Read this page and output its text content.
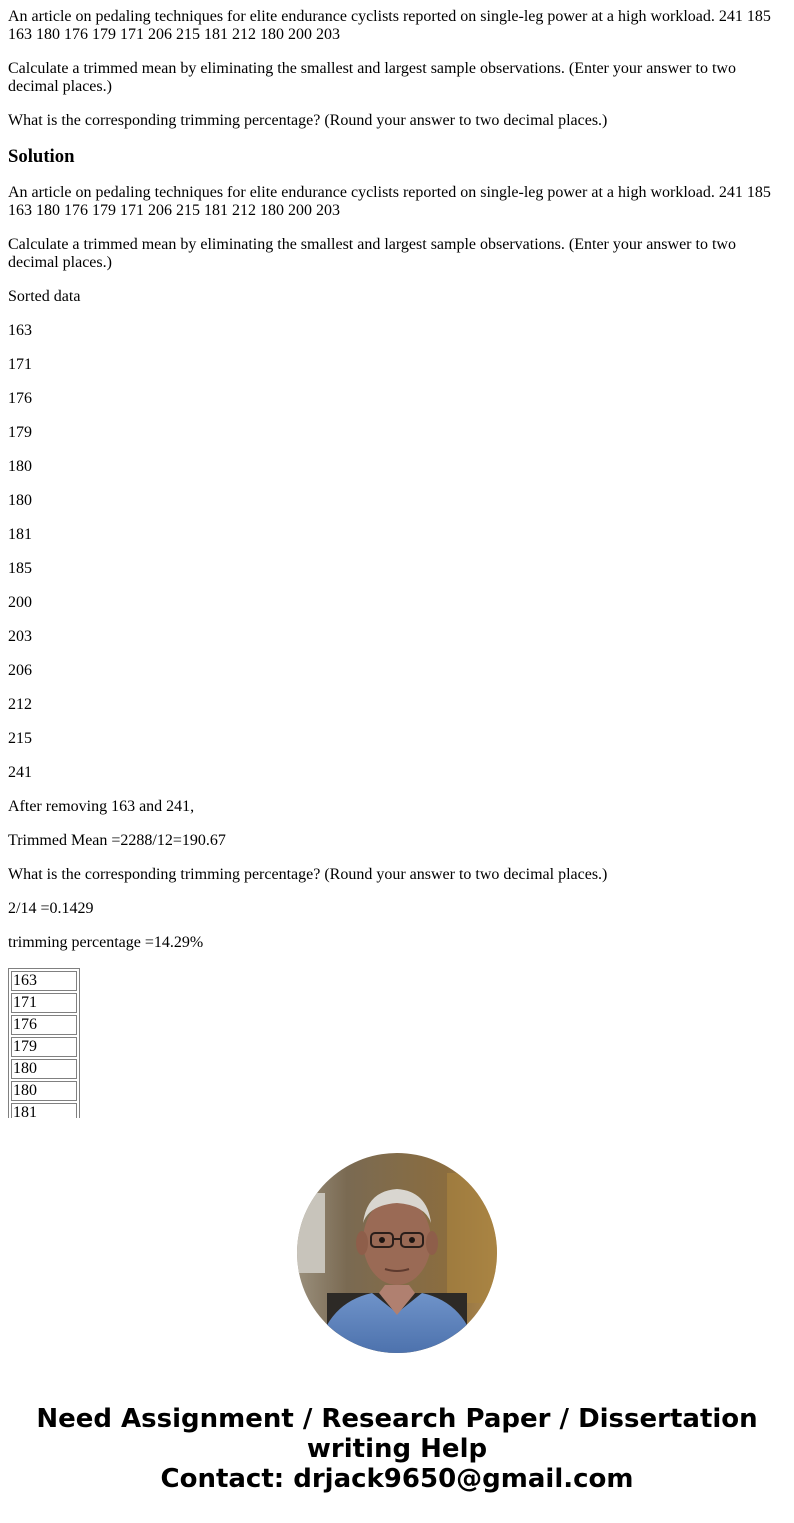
An article on pedaling techniques for elite endurance cyclists reported on single-leg power at a high workload. 241 185 163 180 176 179 171 206 215 181 212 180 200 203

Calculate a trimmed mean by eliminating the smallest and largest sample observations. (Enter your answer to two decimal places.)

What is the corresponding trimming percentage? (Round your answer to two decimal places.)

Solution

An article on pedaling techniques for elite endurance cyclists reported on single-leg power at a high workload. 241 185 163 180 176 179 171 206 215 181 212 180 200 203

Calculate a trimmed mean by eliminating the smallest and largest sample observations. (Enter your answer to two decimal places.)

Sorted data

163

171

176

179

180

180

181

185

200

203

206

212

215

241

After removing 163 and 241,

Trimmed Mean =2288/12=190.67

What is the corresponding trimming percentage? (Round your answer to two decimal places.)

2/14 =0.1429

trimming percentage =14.29%

163
171
176
179
180
180
181
Need Assignment / Research Paper / Dissertation
writing Help
Contact: drjack9650@gmail.com
